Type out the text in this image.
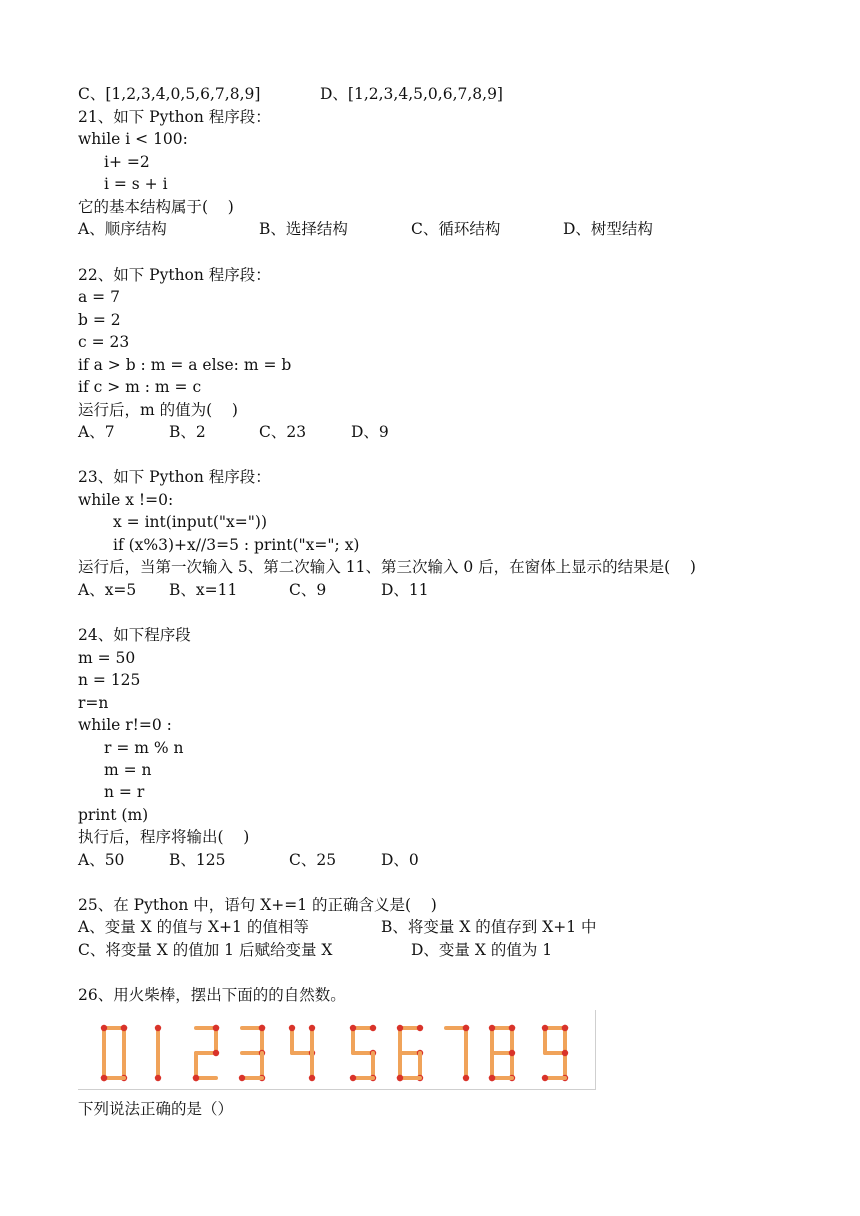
C、[1,2,3,4,0,5,6,7,8,9]	D、[1,2,3,4,5,0,6,7,8,9]
21、如下 Python 程序段：
while i < 100:
i+ =2
i = s + i
它的基本结构属于(    )
A、顺序结构	B、选择结构	C、循环结构	D、树型结构
22、如下 Python 程序段：
a = 7
b = 2
c = 23
if a > b : m = a else: m = b
if c > m : m = c
运行后，m 的值为(    )
A、7	B、2	C、23	D、9
23、如下 Python 程序段：
while x !=0:
x = int(input("x="))
if (x%3)+x//3=5 : print("x="; x)
运行后，当第一次输入 5、第二次输入 11、第三次输入 0 后，在窗体上显示的结果是(    )
A、x=5 B、x=11	C、9	D、11
24、如下程序段
m = 50
n = 125
r=n
while r!=0 :
r = m % n
m = n
n = r
print (m)
执行后，程序将输出(    )
A、50	B、125	C、25	D、0
25、在 Python 中，语句 X+=1 的正确含义是(    )
A、变量 X 的值与 X+1 的值相等	B、将变量 X 的值存到 X+1 中
C、将变量 X 的值加 1 后赋给变量 X	D、变量 X 的值为 1
26、用火柴棒，摆出下面的的自然数。
下列说法正确的是（）
